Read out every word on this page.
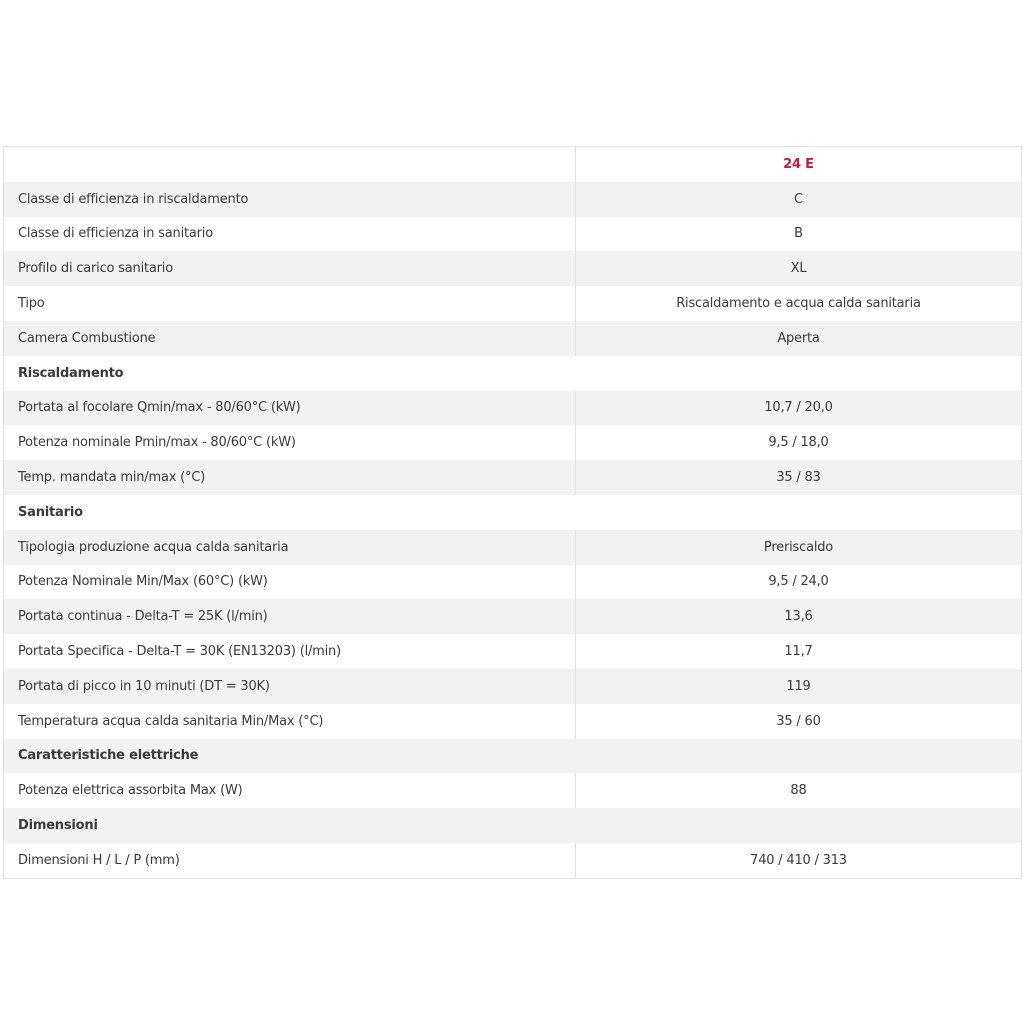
24 E
Classe di efficienza in riscaldamento	C
Classe di efficienza in sanitario	B
Profilo di carico sanitario	XL
Tipo	Riscaldamento e acqua calda sanitaria
Camera Combustione	Aperta
Riscaldamento
Portata al focolare Qmin/max - 80/60°C (kW)	10,7 / 20,0
Potenza nominale Pmin/max - 80/60°C (kW)	9,5 / 18,0
Temp. mandata min/max (°C)	35 / 83
Sanitario
Tipologia produzione acqua calda sanitaria	Preriscaldo
Potenza Nominale Min/Max (60°C) (kW)	9,5 / 24,0
Portata continua - Delta-T = 25K (l/min)	13,6
Portata Specifica - Delta-T = 30K (EN13203) (l/min)	11,7
Portata di picco in 10 minuti (DT = 30K)	119
Temperatura acqua calda sanitaria Min/Max (°C)	35 / 60
Caratteristiche elettriche
Potenza elettrica assorbita Max (W)	88
Dimensioni
Dimensioni H / L / P (mm)	740 / 410 / 313
